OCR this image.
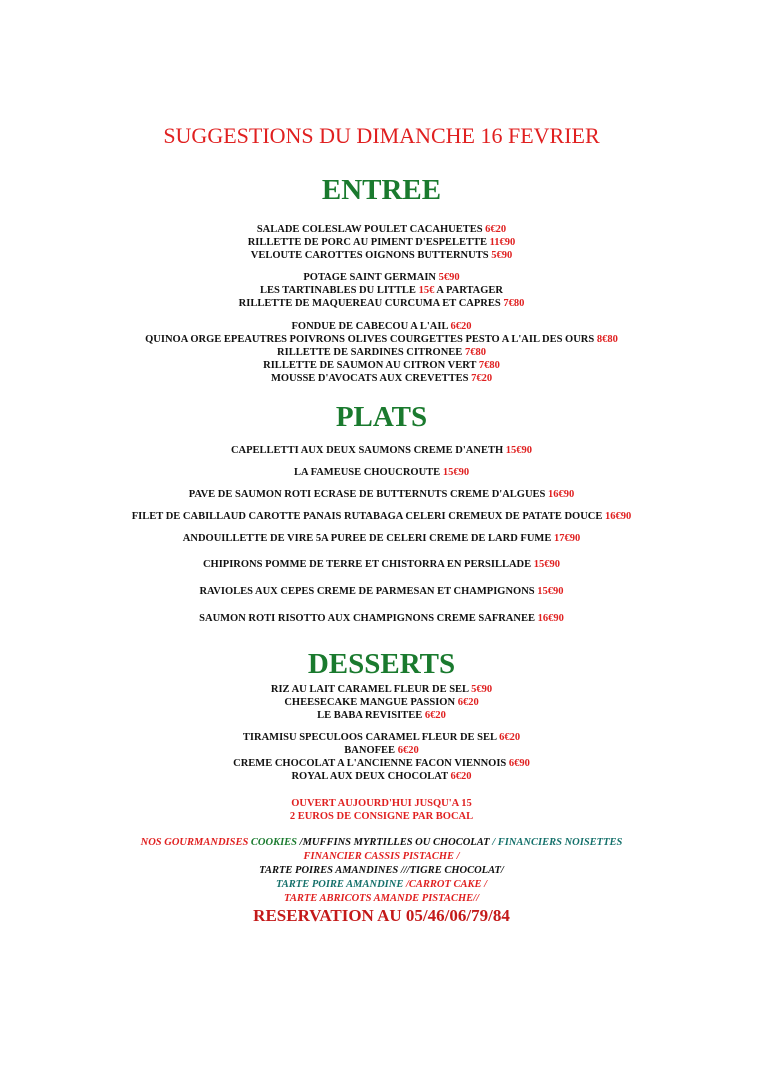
SUGGESTIONS DU DIMANCHE 16 FEVRIER
ENTREE
SALADE COLESLAW POULET CACAHUETES 6€20
RILLETTE DE PORC AU PIMENT D'ESPELETTE 11€90
VELOUTE CAROTTES OIGNONS BUTTERNUTS 5€90
POTAGE SAINT GERMAIN 5€90
LES TARTINABLES DU LITTLE 15€ A PARTAGER
RILLETTE DE MAQUEREAU CURCUMA ET CAPRES 7€80
FONDUE DE CABECOU A L'AIL 6€20
QUINOA ORGE EPEAUTRES POIVRONS OLIVES COURGETTES PESTO A L'AIL DES OURS 8€80
RILLETTE DE SARDINES CITRONEE 7€80
RILLETTE DE SAUMON AU CITRON VERT 7€80
MOUSSE D'AVOCATS AUX CREVETTES 7€20
PLATS
CAPELLETTI AUX DEUX SAUMONS CREME D'ANETH 15€90
LA FAMEUSE CHOUCROUTE 15€90
PAVE DE SAUMON ROTI ECRASE DE BUTTERNUTS CREME D'ALGUES 16€90
FILET DE CABILLAUD CAROTTE PANAIS RUTABAGA CELERI CREMEUX DE PATATE DOUCE 16€90
ANDOUILLETTE DE VIRE 5A PUREE DE CELERI CREME DE LARD FUME 17€90
CHIPIRONS POMME DE TERRE ET CHISTORRA EN PERSILLADE 15€90
RAVIOLES AUX CEPES CREME DE PARMESAN ET CHAMPIGNONS 15€90
SAUMON ROTI RISOTTO AUX CHAMPIGNONS CREME SAFRANEE 16€90
DESSERTS
RIZ AU LAIT CARAMEL FLEUR DE SEL 5€90
CHEESECAKE MANGUE PASSION 6€20
LE BABA REVISITEE 6€20
TIRAMISU SPECULOOS CARAMEL FLEUR DE SEL 6€20
BANOFEE 6€20
CREME CHOCOLAT A L'ANCIENNE FACON VIENNOIS 6€90
ROYAL AUX DEUX CHOCOLAT 6€20
OUVERT AUJOURD'HUI JUSQU'A 15
2 EUROS DE CONSIGNE PAR BOCAL
NOS GOURMANDISES COOKIES /MUFFINS MYRTILLES OU CHOCOLAT / FINANCIERS NOISETTES
FINANCIER CASSIS PISTACHE /
TARTE POIRES AMANDINES ///TIGRE CHOCOLAT/
TARTE POIRE AMANDINE /CARROT CAKE /
TARTE ABRICOTS AMANDE PISTACHE//
RESERVATION AU 05/46/06/79/84
